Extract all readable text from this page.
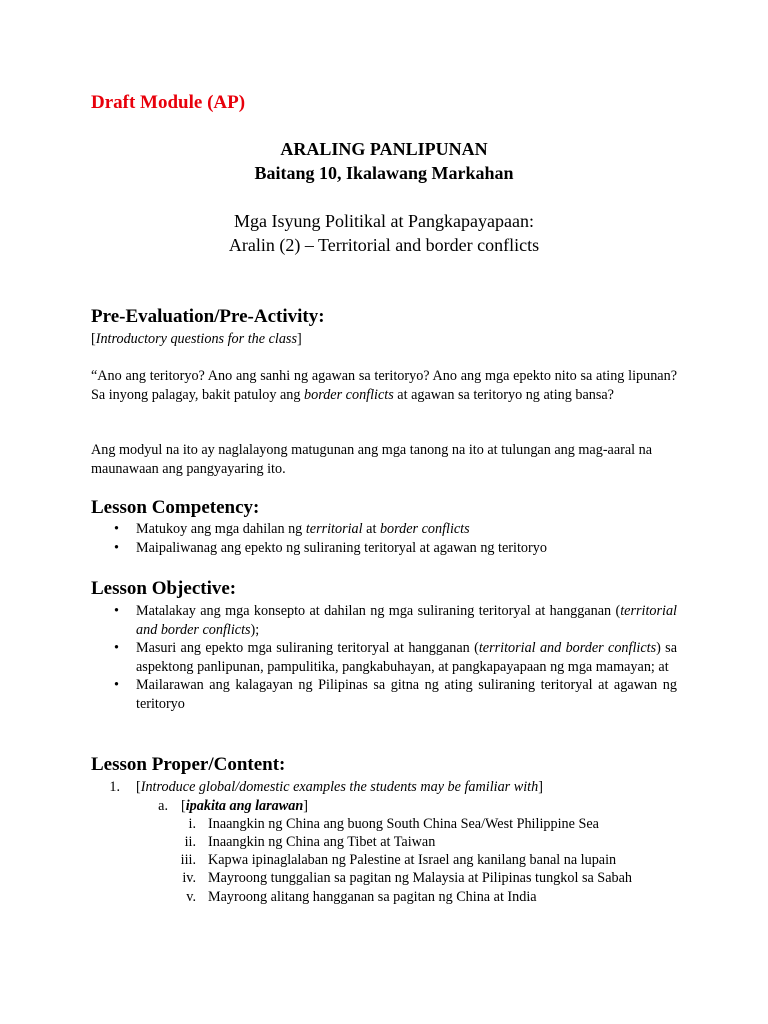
Draft Module (AP)
ARALING PANLIPUNAN
Baitang 10, Ikalawang Markahan
Mga Isyung Politikal at Pangkapayapaan:
Aralin (2) – Territorial and border conflicts
Pre-Evaluation/Pre-Activity:
[Introductory questions for the class]
“Ano ang teritoryo? Ano ang sanhi ng agawan sa teritoryo? Ano ang mga epekto nito sa ating lipunan? Sa inyong palagay, bakit patuloy ang border conflicts at agawan sa teritoryo ng ating bansa?
Ang modyul na ito ay naglalayong matugunan ang mga tanong na ito at tulungan ang mag-aaral na maunawaan ang pangyayaring ito.
Lesson Competency:
• Matukoy ang mga dahilan ng territorial at border conflicts
• Maipaliwanag ang epekto ng suliraning teritoryal at agawan ng teritoryo
Lesson Objective:
• Matalakay ang mga konsepto at dahilan ng mga suliraning teritoryal at hangganan (territorial and border conflicts);
• Masuri ang epekto mga suliraning teritoryal at hangganan (territorial and border conflicts) sa aspektong panlipunan, pampulitika, pangkabuhayan, at pangkapayapaan ng mga mamayan; at
• Mailarawan ang kalagayan ng Pilipinas sa gitna ng ating suliraning teritoryal at agawan ng teritoryo
Lesson Proper/Content:
1. [Introduce global/domestic examples the students may be familiar with]
a. [ipakita ang larawan]
i. Inaangkin ng China ang buong South China Sea/West Philippine Sea
ii. Inaangkin ng China ang Tibet at Taiwan
iii. Kapwa ipinaglalaban ng Palestine at Israel ang kanilang banal na lupain
iv. Mayroong tunggalian sa pagitan ng Malaysia at Pilipinas tungkol sa Sabah
v. Mayroong alitang hangganan sa pagitan ng China at India
